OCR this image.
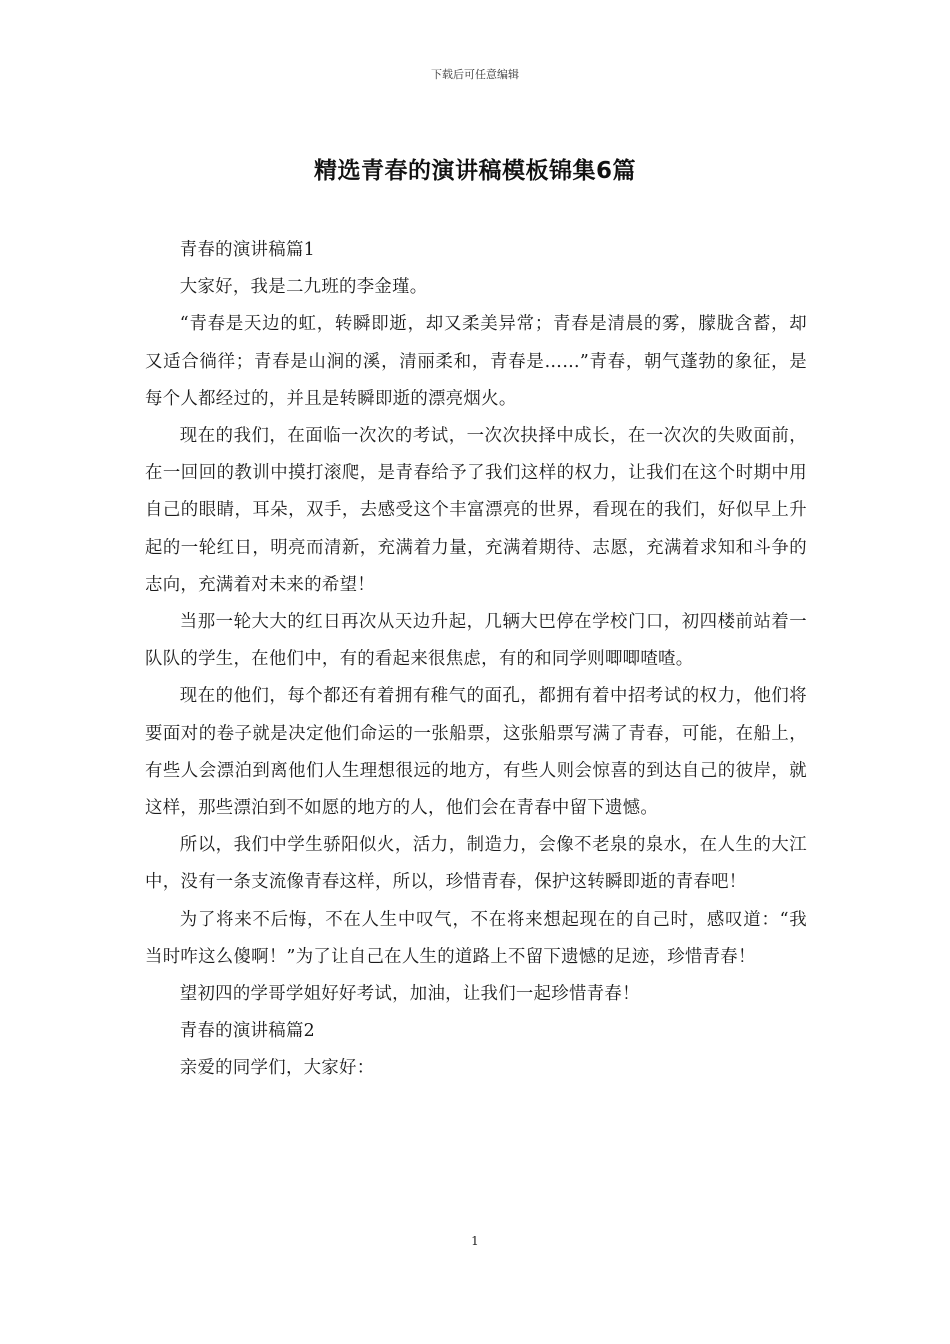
下载后可任意编辑
精选青春的演讲稿模板锦集6篇

青春的演讲稿篇1

大家好，我是二九班的李金瑾。

“青春是天边的虹，转瞬即逝，却又柔美异常；青春是清晨的雾，朦胧含蓄，却又适合徜徉；青春是山涧的溪，清丽柔和，青春是……”青春，朝气蓬勃的象征，是每个人都经过的，并且是转瞬即逝的漂亮烟火。

现在的我们，在面临一次次的考试，一次次抉择中成长，在一次次的失败面前，在一回回的教训中摸打滚爬，是青春给予了我们这样的权力，让我们在这个时期中用自己的眼睛，耳朵，双手，去感受这个丰富漂亮的世界，看现在的我们，好似早上升起的一轮红日，明亮而清新，充满着力量，充满着期待、志愿，充满着求知和斗争的志向，充满着对未来的希望！

当那一轮大大的红日再次从天边升起，几辆大巴停在学校门口，初四楼前站着一队队的学生，在他们中，有的看起来很焦虑，有的和同学则唧唧喳喳。

现在的他们，每个都还有着拥有稚气的面孔，都拥有着中招考试的权力，他们将要面对的卷子就是决定他们命运的一张船票，这张船票写满了青春，可能，在船上，有些人会漂泊到离他们人生理想很远的地方，有些人则会惊喜的到达自己的彼岸，就这样，那些漂泊到不如愿的地方的人，他们会在青春中留下遗憾。

所以，我们中学生骄阳似火，活力，制造力，会像不老泉的泉水，在人生的大江中，没有一条支流像青春这样，所以，珍惜青春，保护这转瞬即逝的青春吧！

为了将来不后悔，不在人生中叹气，不在将来想起现在的自己时，感叹道：“我当时咋这么傻啊！”为了让自己在人生的道路上不留下遗憾的足迹，珍惜青春！

望初四的学哥学姐好好考试，加油，让我们一起珍惜青春！

青春的演讲稿篇2

亲爱的同学们，大家好：

1
